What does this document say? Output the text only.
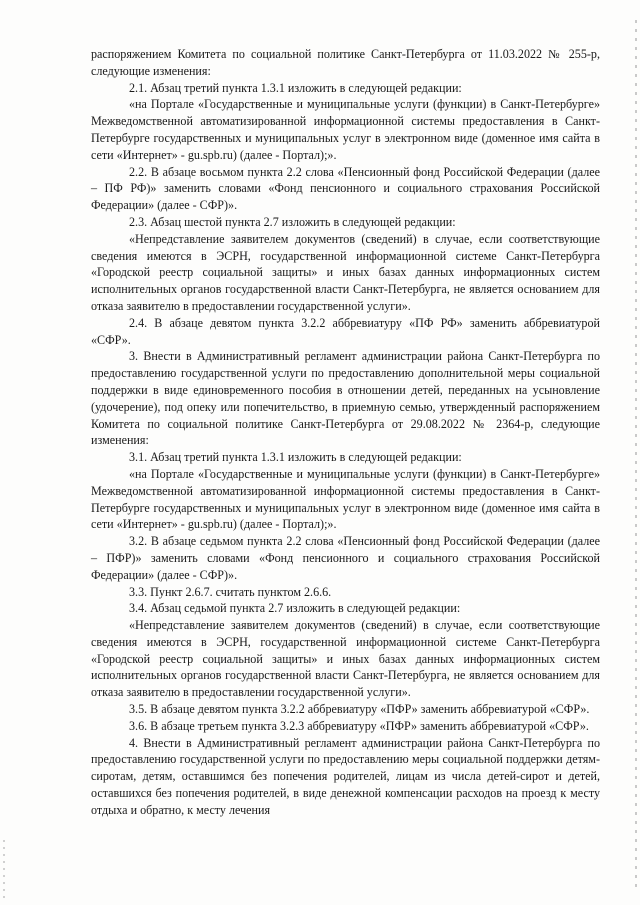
распоряжением Комитета по социальной политике Санкт-Петербурга от 11.03.2022 № 255-р, следующие изменения:

2.1. Абзац третий пункта 1.3.1 изложить в следующей редакции:

«на Портале «Государственные и муниципальные услуги (функции) в Санкт-Петербурге» Межведомственной автоматизированной информационной системы предоставления в Санкт-Петербурге государственных и муниципальных услуг в электронном виде (доменное имя сайта в сети «Интернет» - gu.spb.ru) (далее - Портал);».

2.2. В абзаце восьмом пункта 2.2 слова «Пенсионный фонд Российской Федерации (далее – ПФ РФ)» заменить словами «Фонд пенсионного и социального страхования Российской Федерации» (далее - СФР)».

2.3. Абзац шестой пункта 2.7 изложить в следующей редакции:

«Непредставление заявителем документов (сведений) в случае, если соответствующие сведения имеются в ЭСРН, государственной информационной системе Санкт-Петербурга «Городской реестр социальной защиты» и иных базах данных информационных систем исполнительных органов государственной власти Санкт-Петербурга, не является основанием для отказа заявителю в предоставлении государственной услуги».

2.4. В абзаце девятом пункта 3.2.2 аббревиатуру «ПФ РФ» заменить аббревиатурой «СФР».

3. Внести в Административный регламент администрации района Санкт-Петербурга по предоставлению государственной услуги по предоставлению дополнительной меры социальной поддержки в виде единовременного пособия в отношении детей, переданных на усыновление (удочерение), под опеку или попечительство, в приемную семью, утвержденный распоряжением Комитета по социальной политике Санкт-Петербурга от 29.08.2022 № 2364-р, следующие изменения:

3.1. Абзац третий пункта 1.3.1 изложить в следующей редакции:

«на Портале «Государственные и муниципальные услуги (функции) в Санкт-Петербурге» Межведомственной автоматизированной информационной системы предоставления в Санкт-Петербурге государственных и муниципальных услуг в электронном виде (доменное имя сайта в сети «Интернет» - gu.spb.ru) (далее - Портал);».

3.2. В абзаце седьмом пункта 2.2 слова «Пенсионный фонд Российской Федерации (далее – ПФР)» заменить словами «Фонд пенсионного и социального страхования Российской Федерации» (далее - СФР)».

3.3. Пункт 2.6.7. считать пунктом 2.6.6.

3.4. Абзац седьмой пункта 2.7 изложить в следующей редакции:

«Непредставление заявителем документов (сведений) в случае, если соответствующие сведения имеются в ЭСРН, государственной информационной системе Санкт-Петербурга «Городской реестр социальной защиты» и иных базах данных информационных систем исполнительных органов государственной власти Санкт-Петербурга, не является основанием для отказа заявителю в предоставлении государственной услуги».

3.5. В абзаце девятом пункта 3.2.2 аббревиатуру «ПФР» заменить аббревиатурой «СФР».

3.6. В абзаце третьем пункта 3.2.3 аббревиатуру «ПФР» заменить аббревиатурой «СФР».

4. Внести в Административный регламент администрации района Санкт-Петербурга по предоставлению государственной услуги по предоставлению меры социальной поддержки детям-сиротам, детям, оставшимся без попечения родителей, лицам из числа детей-сирот и детей, оставшихся без попечения родителей, в виде денежной компенсации расходов на проезд к месту отдыха и обратно, к месту лечения
